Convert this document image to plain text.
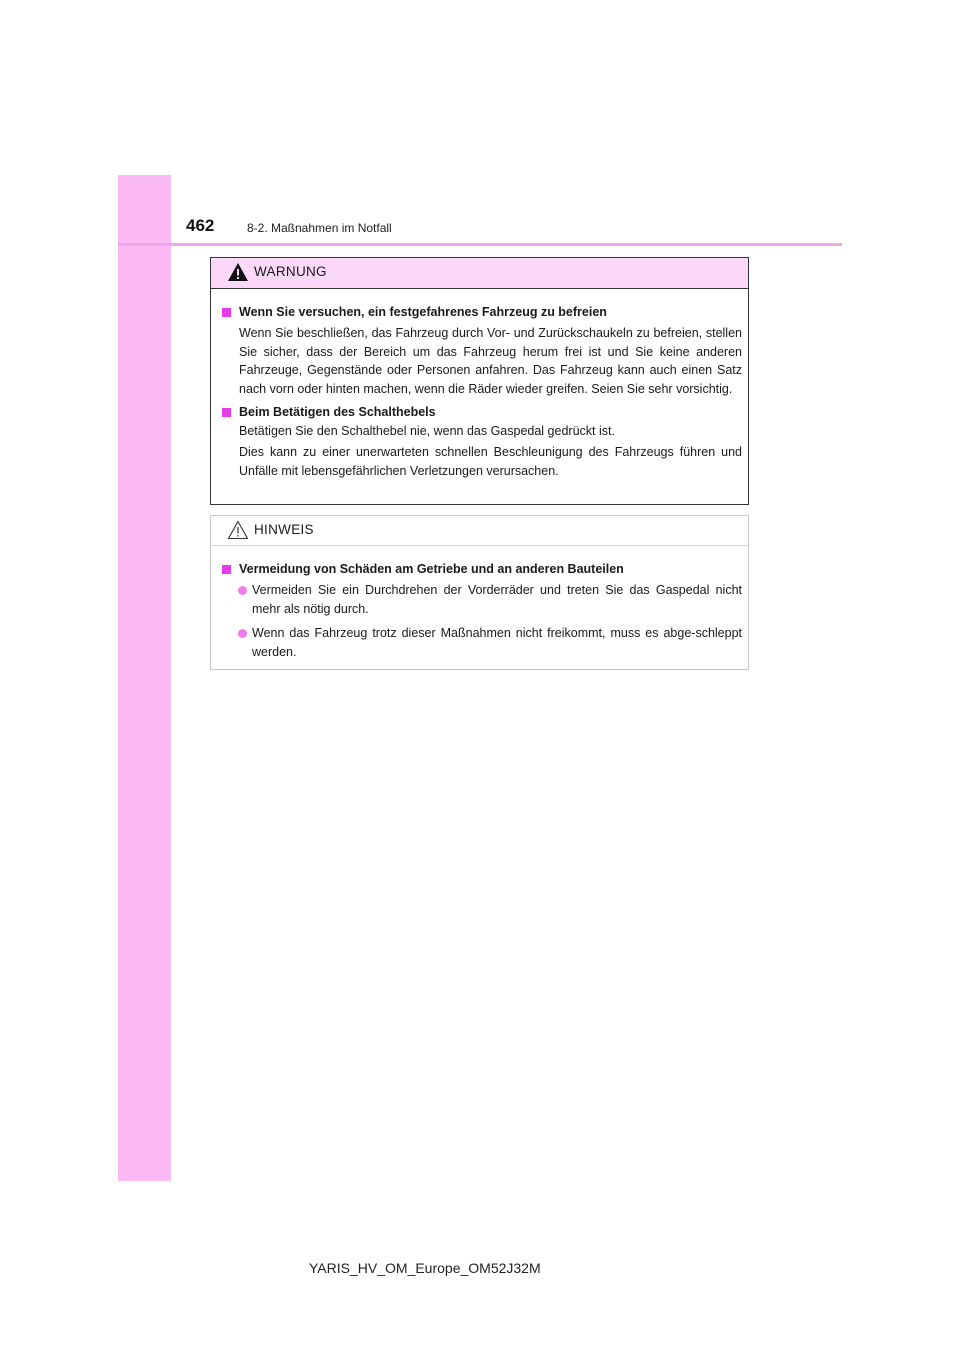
462	8-2. Maßnahmen im Notfall
WARNUNG
Wenn Sie versuchen, ein festgefahrenes Fahrzeug zu befreien
Wenn Sie beschließen, das Fahrzeug durch Vor- und Zurückschaukeln zu befreien, stellen Sie sicher, dass der Bereich um das Fahrzeug herum frei ist und Sie keine anderen Fahrzeuge, Gegenstände oder Personen anfahren. Das Fahrzeug kann auch einen Satz nach vorn oder hinten machen, wenn die Räder wieder greifen. Seien Sie sehr vorsichtig.
Beim Betätigen des Schalthebels
Betätigen Sie den Schalthebel nie, wenn das Gaspedal gedrückt ist.
Dies kann zu einer unerwarteten schnellen Beschleunigung des Fahrzeugs führen und Unfälle mit lebensgefährlichen Verletzungen verursachen.
HINWEIS
Vermeidung von Schäden am Getriebe und an anderen Bauteilen
Vermeiden Sie ein Durchdrehen der Vorderräder und treten Sie das Gaspedal nicht mehr als nötig durch.
Wenn das Fahrzeug trotz dieser Maßnahmen nicht freikommt, muss es abge-schleppt werden.
YARIS_HV_OM_Europe_OM52J32M
